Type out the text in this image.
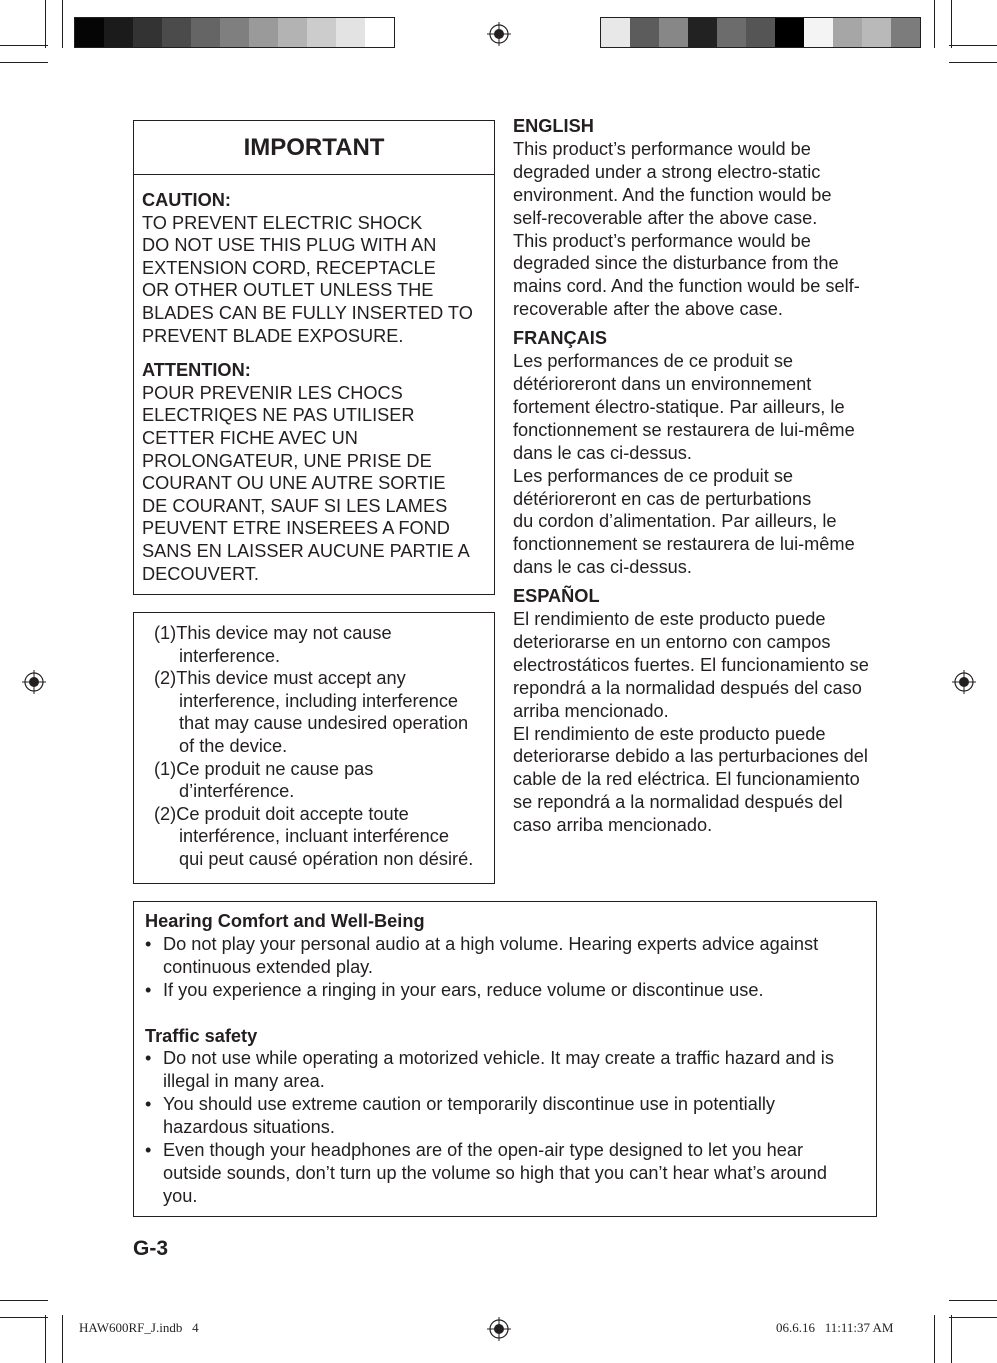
IMPORTANT
CAUTION:
TO PREVENT ELECTRIC SHOCK
DO NOT USE THIS PLUG WITH AN
EXTENSION CORD, RECEPTACLE
OR OTHER OUTLET UNLESS THE
BLADES CAN BE FULLY INSERTED TO
PREVENT BLADE EXPOSURE.
ATTENTION:
POUR PREVENIR LES CHOCS
ELECTRIQES NE PAS UTILISER
CETTER FICHE AVEC UN
PROLONGATEUR, UNE PRISE DE
COURANT OU UNE AUTRE SORTIE
DE COURANT, SAUF SI LES LAMES
PEUVENT ETRE INSEREES A FOND
SANS EN LAISSER AUCUNE PARTIE A
DECOUVERT.
(1)This device may not cause
interference.
(2)This device must accept any
interference, including interference
that may cause undesired operation
of the device.
(1)Ce produit ne cause pas
d’interférence.
(2)Ce produit doit accepte toute
interférence, incluant interférence
qui peut causé opération non désiré.
ENGLISH
This product’s performance would be
degraded under a strong electro-static
environment. And the function would be
self-recoverable after the above case.
This product’s performance would be
degraded since the disturbance from the
mains cord. And the function would be self-
recoverable after the above case.
FRANÇAIS
Les performances de ce produit se
détérioreront dans un environnement
fortement électro-statique. Par ailleurs, le
fonctionnement se restaurera de lui-même
dans le cas ci-dessus.
Les performances de ce produit se
détérioreront en cas de perturbations
du cordon d’alimentation. Par ailleurs, le
fonctionnement se restaurera de lui-même
dans le cas ci-dessus.
ESPAÑOL
El rendimiento de este producto puede
deteriorarse en un entorno con campos
electrostáticos fuertes. El funcionamiento se
repondrá a la normalidad después del caso
arriba mencionado.
El rendimiento de este producto puede
deteriorarse debido a las perturbaciones del
cable de la red eléctrica. El funcionamiento
se repondrá a la normalidad después del
caso arriba mencionado.
Hearing Comfort and Well-Being
• Do not play your personal audio at a high volume. Hearing experts advice against
continuous extended play.
• If you experience a ringing in your ears, reduce volume or discontinue use.
Traffic safety
• Do not use while operating a motorized vehicle. It may create a traffic hazard and is
illegal in many area.
• You should use extreme caution or temporarily discontinue use in potentially
hazardous situations.
• Even though your headphones are of the open-air type designed to let you hear
outside sounds, don’t turn up the volume so high that you can’t hear what’s around
you.
G-3
HAW600RF_J.indb   4	06.6.16   11:11:37 AM
